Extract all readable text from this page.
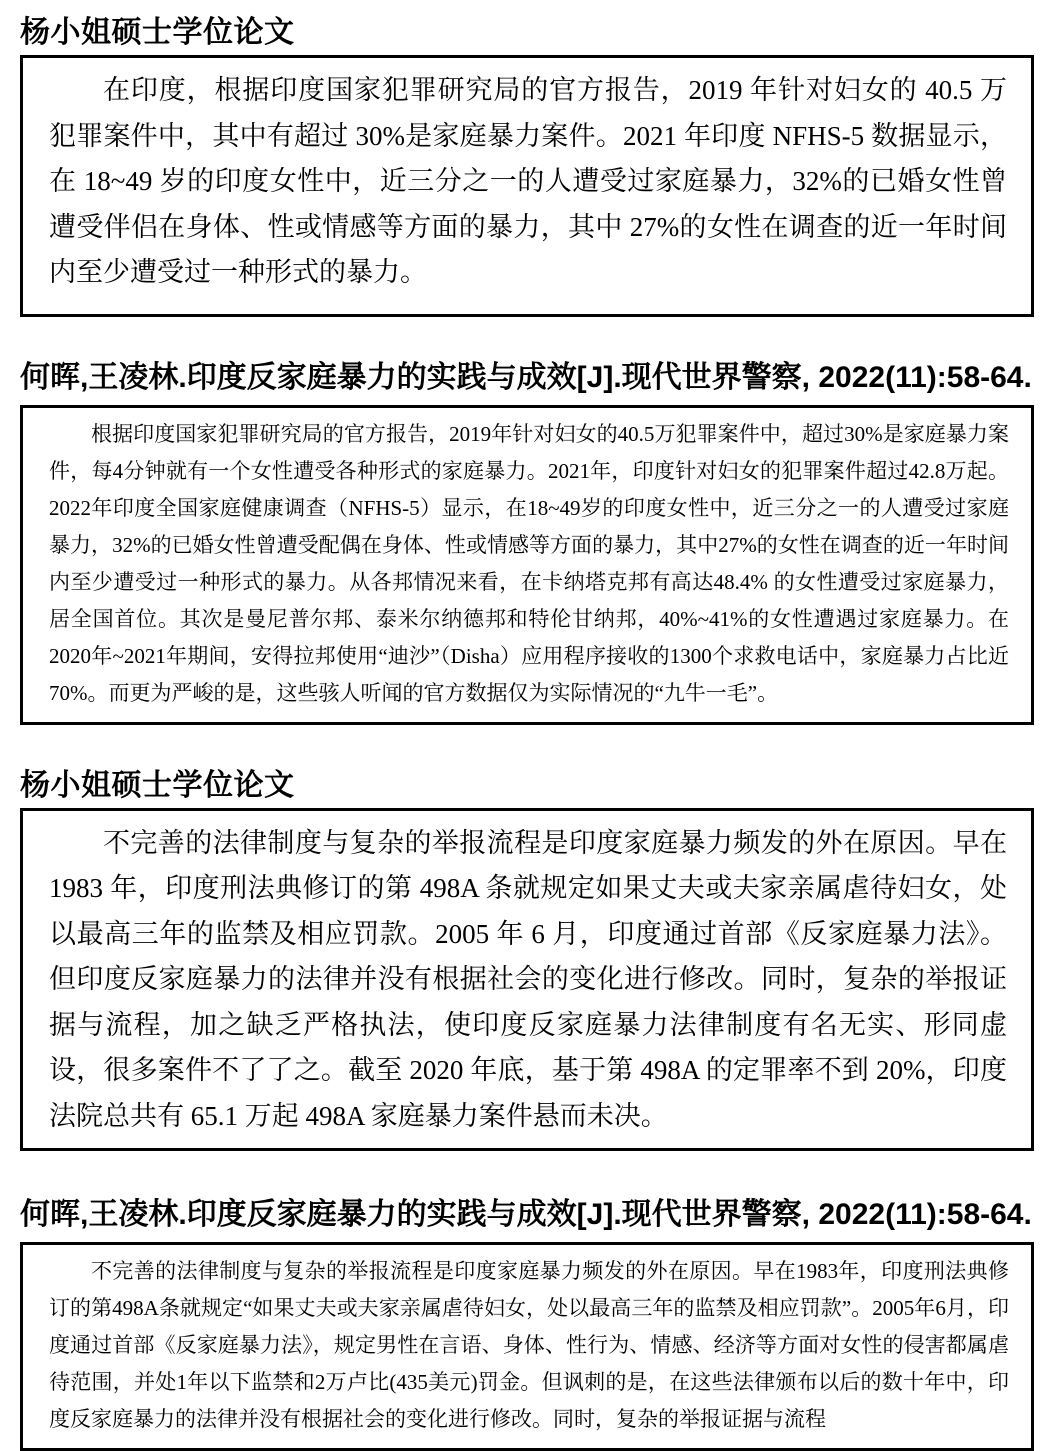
杨小姐硕士学位论文

在印度，根据印度国家犯罪研究局的官方报告，2019 年针对妇女的 40.5 万犯罪案件中，其中有超过 30%是家庭暴力案件。2021 年印度 NFHS-5 数据显示，在 18~49 岁的印度女性中，近三分之一的人遭受过家庭暴力，32%的已婚女性曾遭受伴侣在身体、性或情感等方面的暴力，其中 27%的女性在调查的近一年时间内至少遭受过一种形式的暴力。

何晖,王凌林.印度反家庭暴力的实践与成效[J].现代世界警察, 2022(11):58-64.

根据印度国家犯罪研究局的官方报告，2019年针对妇女的40.5万犯罪案件中，超过30%是家庭暴力案件，每4分钟就有一个女性遭受各种形式的家庭暴力。2021年，印度针对妇女的犯罪案件超过42.8万起。2022年印度全国家庭健康调查（NFHS-5）显示，在18~49岁的印度女性中，近三分之一的人遭受过家庭暴力，32%的已婚女性曾遭受配偶在身体、性或情感等方面的暴力，其中27%的女性在调查的近一年时间内至少遭受过一种形式的暴力。从各邦情况来看，在卡纳塔克邦有高达48.4% 的女性遭受过家庭暴力，居全国首位。其次是曼尼普尔邦、泰米尔纳德邦和特伦甘纳邦，40%~41%的女性遭遇过家庭暴力。在2020年~2021年期间，安得拉邦使用“迪沙”（Disha）应用程序接收的1300个求救电话中，家庭暴力占比近70%。而更为严峻的是，这些骇人听闻的官方数据仅为实际情况的“九牛一毛”。

杨小姐硕士学位论文

不完善的法律制度与复杂的举报流程是印度家庭暴力频发的外在原因。早在 1983 年，印度刑法典修订的第 498A 条就规定如果丈夫或夫家亲属虐待妇女，处以最高三年的监禁及相应罚款。2005 年 6 月，印度通过首部《反家庭暴力法》。但印度反家庭暴力的法律并没有根据社会的变化进行修改。同时，复杂的举报证据与流程，加之缺乏严格执法，使印度反家庭暴力法律制度有名无实、形同虚设，很多案件不了了之。截至 2020 年底，基于第 498A 的定罪率不到 20%，印度法院总共有 65.1 万起 498A 家庭暴力案件悬而未决。

何晖,王凌林.印度反家庭暴力的实践与成效[J].现代世界警察, 2022(11):58-64.

不完善的法律制度与复杂的举报流程是印度家庭暴力频发的外在原因。早在1983年，印度刑法典修订的第498A条就规定“如果丈夫或夫家亲属虐待妇女，处以最高三年的监禁及相应罚款”。2005年6月，印度通过首部《反家庭暴力法》，规定男性在言语、身体、性行为、情感、经济等方面对女性的侵害都属虐待范围，并处1年以下监禁和2万卢比(435美元)罚金。但讽刺的是，在这些法律颁布以后的数十年中，印度反家庭暴力的法律并没有根据社会的变化进行修改。同时，复杂的举报证据与流程
